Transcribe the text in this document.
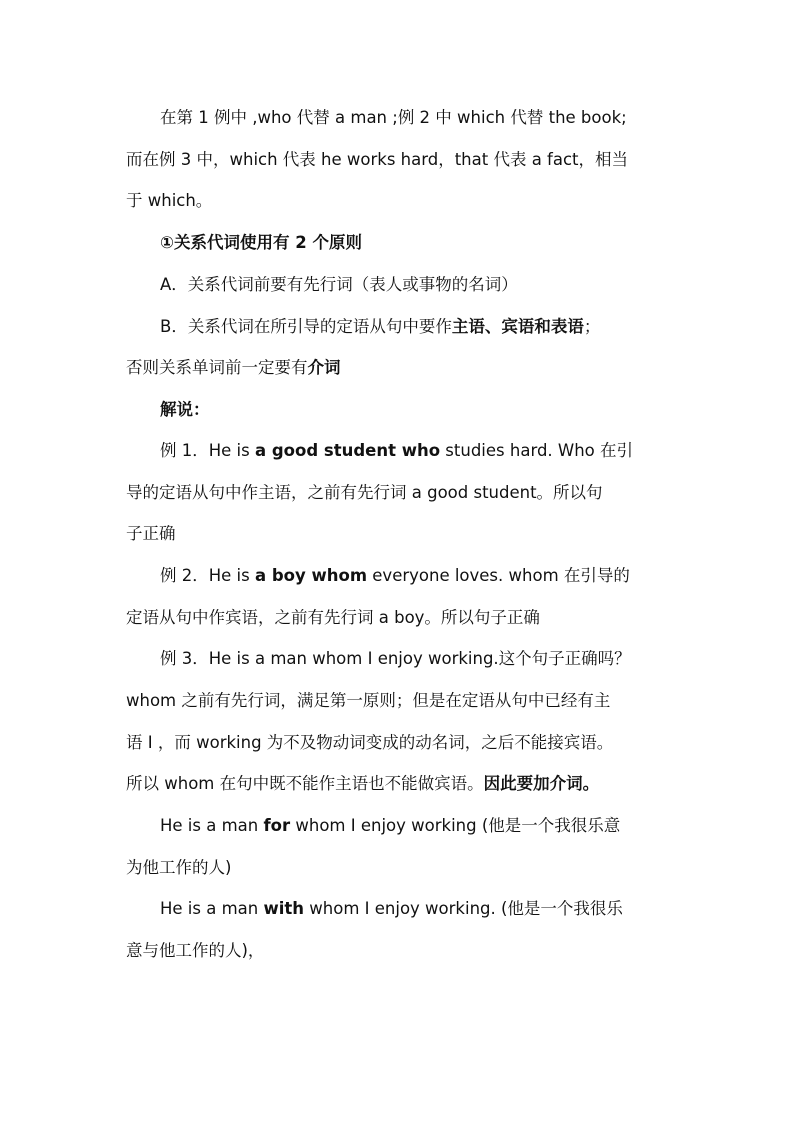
在第 1 例中 ,who 代替 a man ;例 2 中 which 代替 the book;
而在例 3 中，which 代表 he works hard，that 代表 a fact，相当
于 which。
①关系代词使用有 2 个原则
A．关系代词前要有先行词（表人或事物的名词）
B．关系代词在所引导的定语从句中要作主语、宾语和表语；
否则关系单词前一定要有介词
解说：
例 1．He is a good student who studies hard. Who 在引
导的定语从句中作主语，之前有先行词 a good student。所以句
子正确
例 2．He is a boy whom everyone loves. whom 在引导的
定语从句中作宾语，之前有先行词 a boy。所以句子正确
例 3．He is a man whom I enjoy working.这个句子正确吗？
whom 之前有先行词，满足第一原则；但是在定语从句中已经有主
语 I ，而 working 为不及物动词变成的动名词，之后不能接宾语。
所以 whom 在句中既不能作主语也不能做宾语。因此要加介词。
He is a man for whom I enjoy working (他是一个我很乐意
为他工作的人)
He is a man with whom I enjoy working. (他是一个我很乐
意与他工作的人)，
